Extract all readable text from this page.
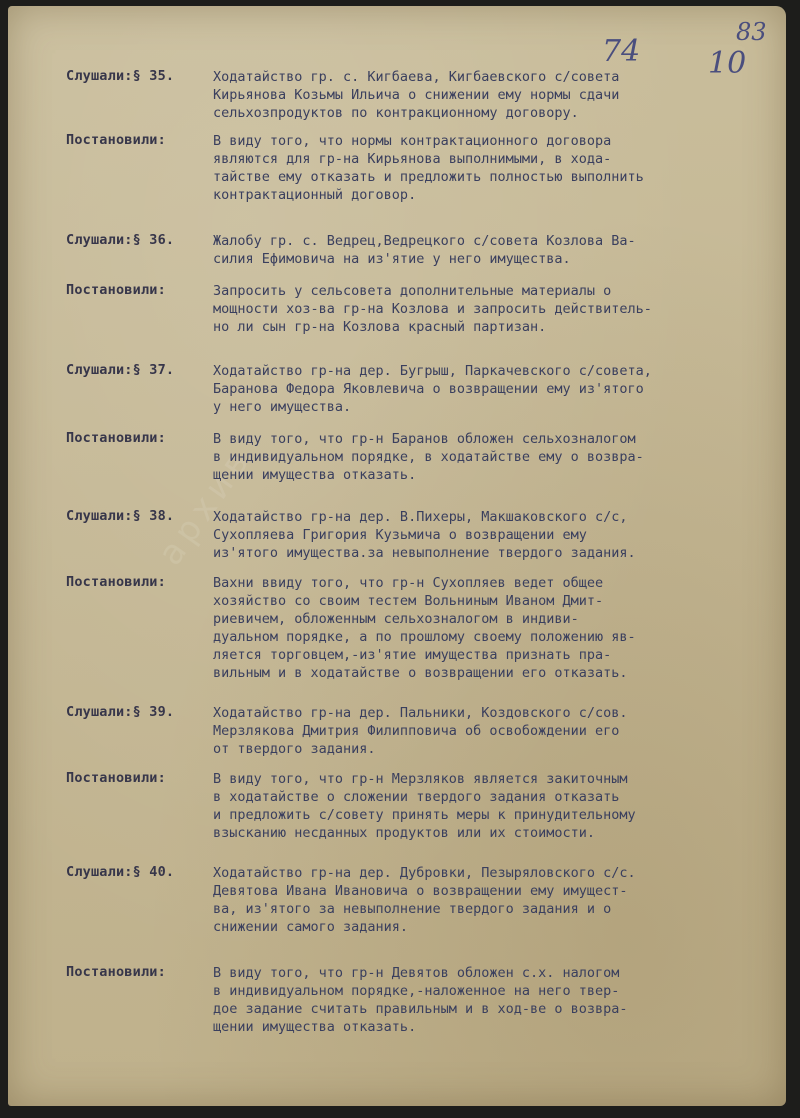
архив
83
74 10
Слушали:§ 35.	Ходатайство гр. с. Кигбаева, Кигбаевского с/совета
Кирьянова Козьмы Ильича о снижении ему нормы сдачи
сельхозпродуктов по контракционному договору.
Постановили:	В виду того, что нормы контрактационного договора
являются для гр-на Кирьянова выполнимыми, в хода-
тайстве ему отказать и предложить полностью выполнить
контрактационный договор.
Слушали:§ 36.	Жалобу гр. с. Ведрец,Ведрецкого с/совета Козлова Ва-
силия Ефимовича на из'ятие у него имущества.
Постановили:	Запросить у сельсовета дополнительные материалы о
мощности хоз-ва гр-на Козлова и запросить действитель-
но ли сын гр-на Козлова красный партизан.
Слушали:§ 37.	Ходатайство гр-на дер. Бугрыш, Паркачевского с/совета,
Баранова Федора Яковлевича о возвращении ему из'ятого
у него имущества.
Постановили:	В виду того, что гр-н Баранов обложен сельхозналогом
в индивидуальном порядке, в ходатайстве ему о возвра-
щении имущества отказать.
Слушали:§ 38.	Ходатайство гр-на дер. В.Пихеры, Макшаковского с/с,
Сухопляева Григория Кузьмича о возвращении ему
из'ятого имущества.за невыполнение твердого задания.
Постановили:	Вахни ввиду того, что гр-н Сухопляев ведет общее
хозяйство со своим тестем Вольниным Иваном Дмит-
риевичем, обложенным сельхозналогом в индиви-
дуальном порядке, а по прошлому своему положению яв-
ляется торговцем,-из'ятие имущества признать пра-
вильным и в ходатайстве о возвращении его отказать.
Слушали:§ 39.	Ходатайство гр-на дер. Пальники, Коздовского с/сов.
Мерзлякова Дмитрия Филипповича об освобождении его
от твердого задания.
Постановили:	В виду того, что гр-н Мерзляков является закиточным
в ходатайстве о сложении твердого задания отказать
и предложить с/совету принять меры к принудительному
взысканию несданных продуктов или их стоимости.
Слушали:§ 40.	Ходатайство гр-на дер. Дубровки, Пезыряловского с/с.
Девятова Ивана Ивановича о возвращении ему имущест-
ва, из'ятого за невыполнение твердого задания и о
снижении самого задания.
Постановили:	В виду того, что гр-н Девятов обложен с.х. налогом
в индивидуальном порядке,-наложенное на него твер-
дое задание считать правильным и в ход-ве о возвра-
щении имущества отказать.
